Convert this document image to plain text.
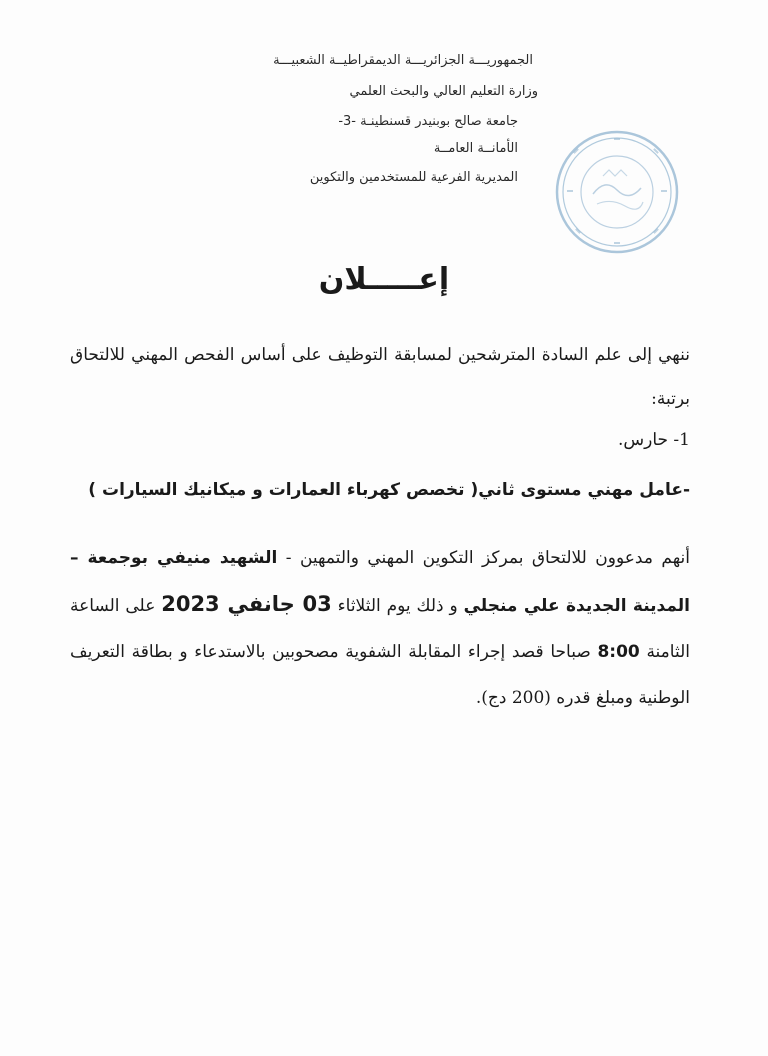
الجمهوريـــة الجزائريـــة الديمقراطيــة الشعبيـــة
وزارة التعليم العالي والبحث العلمي
جامعة صالح بوبنيدر قسنطينـة -3-
الأمانــة العامــة
المديرية الفرعية للمستخدمين والتكوين
إعـــــلان
ننهي إلى علم السادة المترشحين لمسابقة التوظيف على أساس الفحص المهني للالتحاق برتبة:
1- حارس.
-عامل مهني مستوى ثاني( تخصص كهرباء العمارات و ميكانيك السيارات )
أنهم مدعوون للالتحاق بمركز التكوين المهني والتمهين - الشهيد منيفي بوجمعة – المدينة الجديدة علي منجلي و ذلك يوم الثلاثاء 03 جانفي 2023 على الساعة الثامنة 8:00 صباحا قصد إجراء المقابلة الشفوية مصحوبين بالاستدعاء و بطاقة التعريف الوطنية ومبلغ قدره (200 دج).
